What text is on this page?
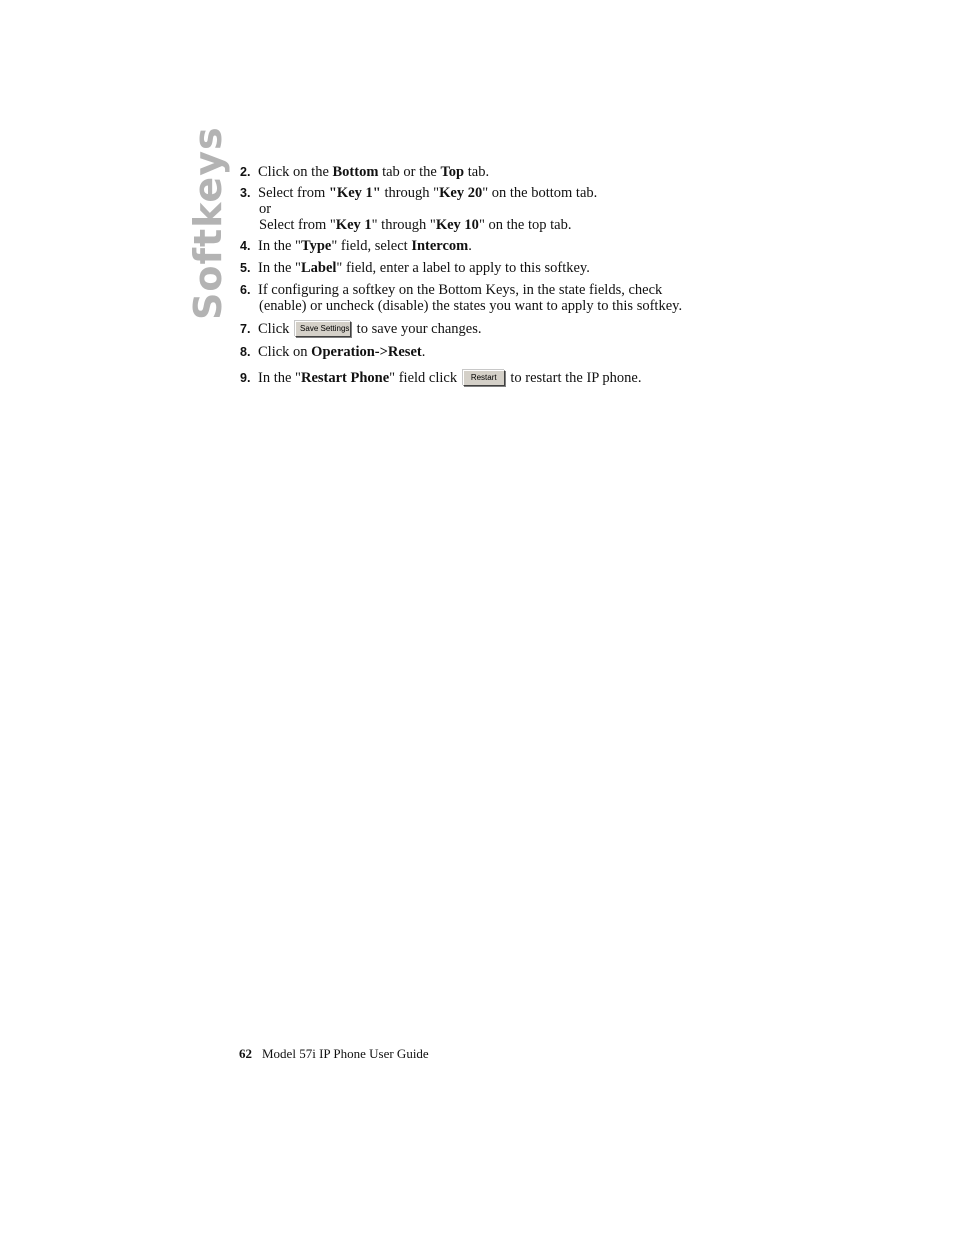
Softkeys 2. Click on the Bottom tab or the Top tab.
3. Select from "Key 1" through "Key 20" on the bottom tab.
or
Select from "Key 1" through "Key 10" on the top tab.
4. In the "Type" field, select Intercom.
5. In the "Label" field, enter a label to apply to this softkey.
6. If configuring a softkey on the Bottom Keys, in the state fields, check
(enable) or uncheck (disable) the states you want to apply to this softkey.
7. Click Save Settings to save your changes.
8. Click on Operation->Reset.
9. In the "Restart Phone" field click Restart to restart the IP phone.
62 Model 57i IP Phone User Guide
